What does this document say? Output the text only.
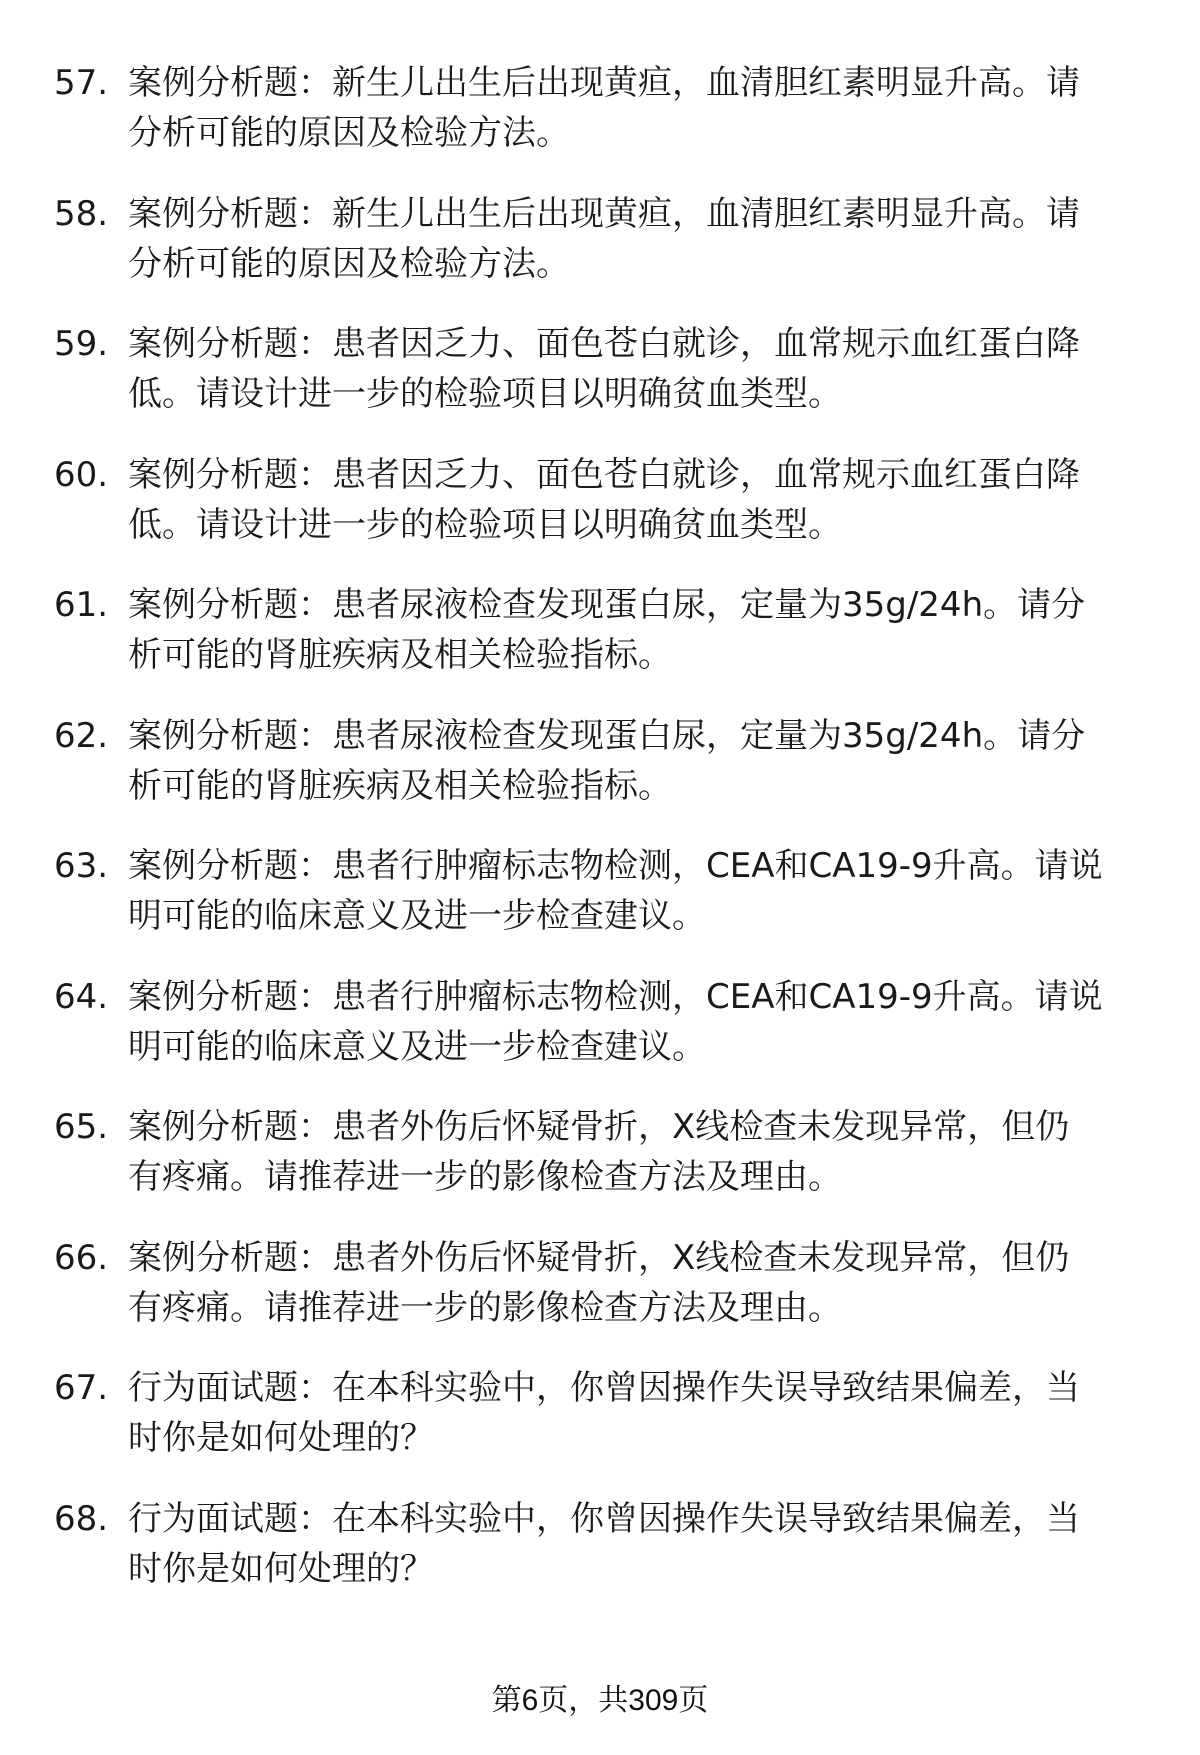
57. 案例分析题：新生儿出生后出现黄疸，血清胆红素明显升高。请
分析可能的原因及检验方法。
58. 案例分析题：新生儿出生后出现黄疸，血清胆红素明显升高。请
分析可能的原因及检验方法。
59. 案例分析题：患者因乏力、面色苍白就诊，血常规示血红蛋白降
低。请设计进一步的检验项目以明确贫血类型。
60. 案例分析题：患者因乏力、面色苍白就诊，血常规示血红蛋白降
低。请设计进一步的检验项目以明确贫血类型。
61. 案例分析题：患者尿液检查发现蛋白尿，定量为35g/24h。请分
析可能的肾脏疾病及相关检验指标。
62. 案例分析题：患者尿液检查发现蛋白尿，定量为35g/24h。请分
析可能的肾脏疾病及相关检验指标。
63. 案例分析题：患者行肿瘤标志物检测，CEA和CA19-9升高。请说
明可能的临床意义及进一步检查建议。
64. 案例分析题：患者行肿瘤标志物检测，CEA和CA19-9升高。请说
明可能的临床意义及进一步检查建议。
65. 案例分析题：患者外伤后怀疑骨折，X线检查未发现异常，但仍
有疼痛。请推荐进一步的影像检查方法及理由。
66. 案例分析题：患者外伤后怀疑骨折，X线检查未发现异常，但仍
有疼痛。请推荐进一步的影像检查方法及理由。
67. 行为面试题：在本科实验中，你曾因操作失误导致结果偏差，当
时你是如何处理的？
68. 行为面试题：在本科实验中，你曾因操作失误导致结果偏差，当
时你是如何处理的？
第6页，共309页
